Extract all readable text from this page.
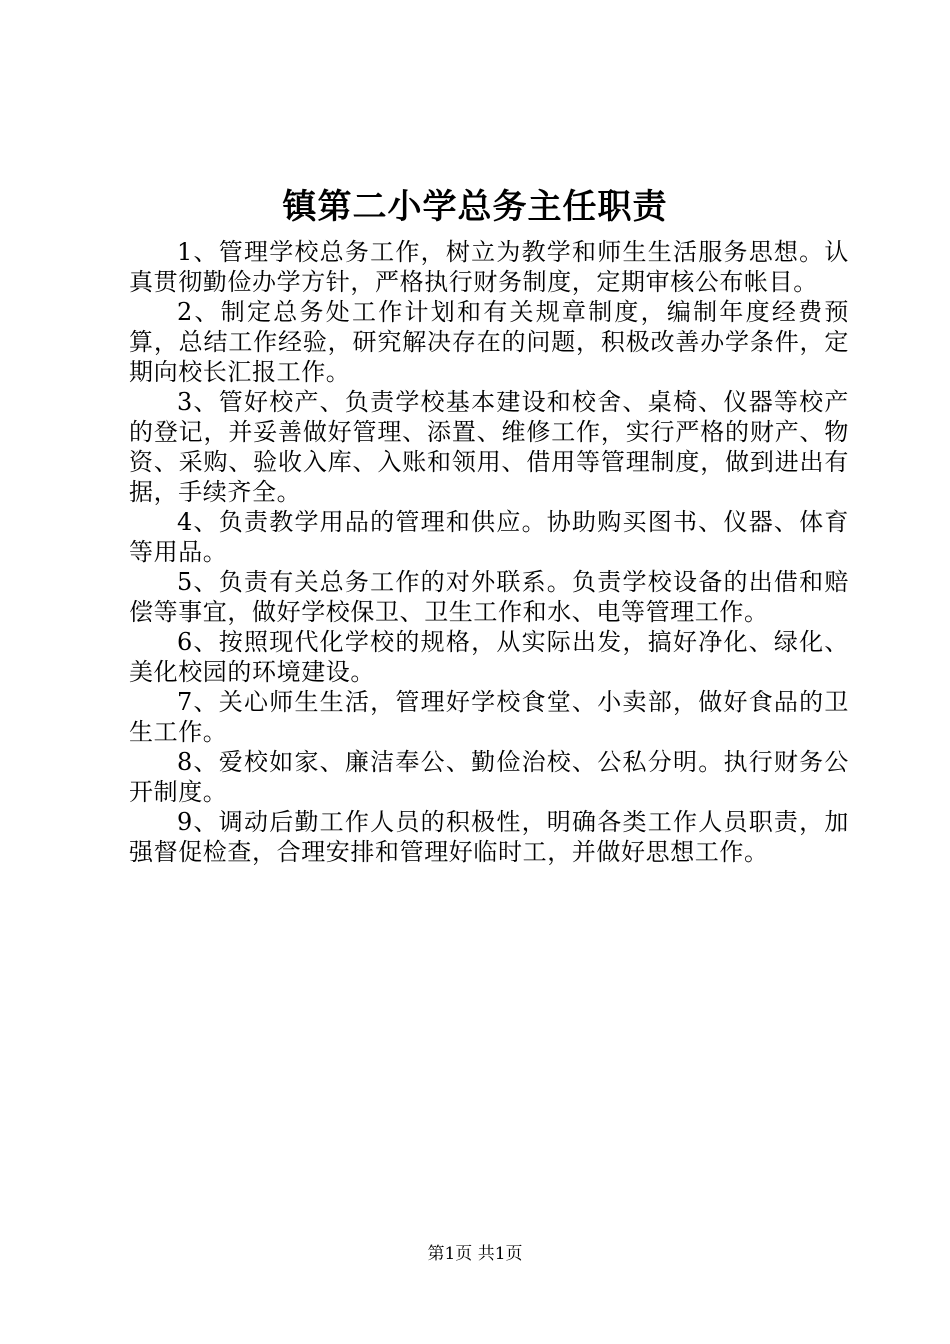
镇第二小学总务主任职责

1、管理学校总务工作，树立为教学和师生生活服务思想。认真贯彻勤俭办学方针，严格执行财务制度，定期审核公布帐目。

2、制定总务处工作计划和有关规章制度，编制年度经费预算，总结工作经验，研究解决存在的问题，积极改善办学条件，定期向校长汇报工作。

3、管好校产、负责学校基本建设和校舍、桌椅、仪器等校产的登记，并妥善做好管理、添置、维修工作，实行严格的财产、物资、采购、验收入库、入账和领用、借用等管理制度，做到进出有据，手续齐全。

4、负责教学用品的管理和供应。协助购买图书、仪器、体育等用品。

5、负责有关总务工作的对外联系。负责学校设备的出借和赔偿等事宜，做好学校保卫、卫生工作和水、电等管理工作。

6、按照现代化学校的规格，从实际出发，搞好净化、绿化、美化校园的环境建设。

7、关心师生生活，管理好学校食堂、小卖部，做好食品的卫生工作。

8、爱校如家、廉洁奉公、勤俭治校、公私分明。执行财务公开制度。

9、调动后勤工作人员的积极性，明确各类工作人员职责，加强督促检查，合理安排和管理好临时工，并做好思想工作。

第1页 共1页
